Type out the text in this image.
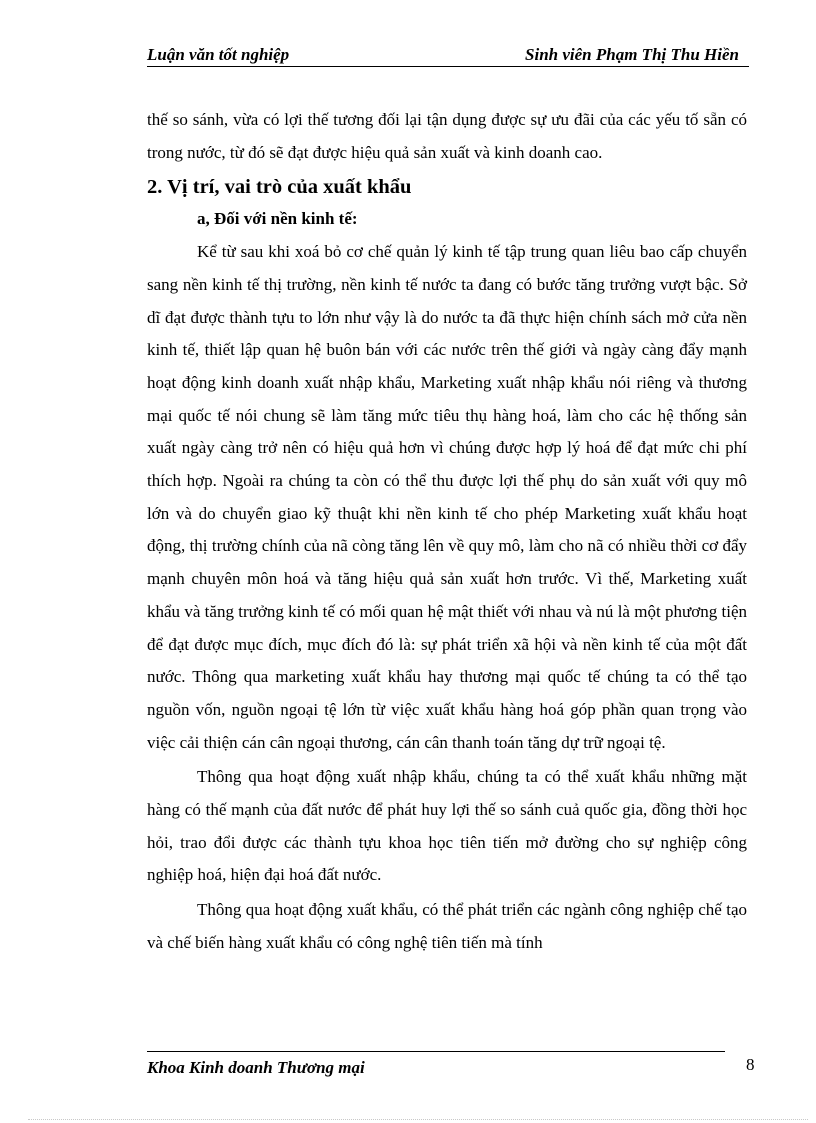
Luận văn tốt nghiệp	Sinh viên Phạm Thị Thu Hiền

thế so sánh, vừa có lợi thế tương đối lại tận dụng được sự ưu đãi của các yếu tố sẵn có trong nước, từ đó sẽ đạt được hiệu quả sản xuất và kinh doanh cao.

2. Vị trí, vai trò của xuất khẩu

a, Đối với nền kinh tế:

Kể từ sau khi xoá bỏ cơ chế quản lý kinh tế tập trung quan liêu bao cấp chuyển sang nền kinh tế thị trường, nền kinh tế nước ta đang có bước tăng trưởng vượt bậc. Sở dĩ đạt được thành tựu to lớn như vậy là do nước ta đã thực hiện chính sách mở cửa nền kinh tế, thiết lập quan hệ buôn bán với các nước trên thế giới và ngày càng đẩy mạnh hoạt động kinh doanh xuất nhập khẩu, Marketing xuất nhập khẩu nói riêng và thương mại quốc tế nói chung sẽ làm tăng mức tiêu thụ hàng hoá, làm cho các hệ thống sản xuất ngày càng trở nên có hiệu quả hơn vì chúng được hợp lý hoá để đạt mức chi phí thích hợp. Ngoài ra chúng ta còn có thể thu được lợi thế phụ do sản xuất với quy mô lớn và do chuyển giao kỹ thuật khi nền kinh tế cho phép Marketing xuất khẩu hoạt động, thị trường chính của nã còng tăng lên về quy mô, làm cho nã có nhiều thời cơ đẩy mạnh chuyên môn hoá và tăng hiệu quả sản xuất hơn trước. Vì thế, Marketing xuất khẩu và tăng trưởng kinh tế có mối quan hệ mật thiết với nhau và nú là một phương tiện để đạt được mục đích, mục đích đó là: sự phát triển xã hội và nền kinh tế của một đất nước. Thông qua marketing xuất khẩu hay thương mại quốc tế chúng ta có thể tạo nguồn vốn, nguồn ngoại tệ lớn từ việc xuất khẩu hàng hoá góp phần quan trọng vào việc cải thiện cán cân ngoại thương, cán cân thanh toán tăng dự trữ ngoại tệ.

Thông qua hoạt động xuất nhập khẩu, chúng ta có thể xuất khẩu những mặt hàng có thế mạnh của đất nước để phát huy lợi thế so sánh cuả quốc gia, đồng thời học hỏi, trao đổi được các thành tựu khoa học tiên tiến mở đường cho sự nghiệp công nghiệp hoá, hiện đại hoá đất nước.

Thông qua hoạt động xuất khẩu, có thể phát triển các ngành công nghiệp chế tạo và chế biến hàng xuất khẩu có công nghệ tiên tiến mà tính

Khoa Kinh doanh Thương mại	8
